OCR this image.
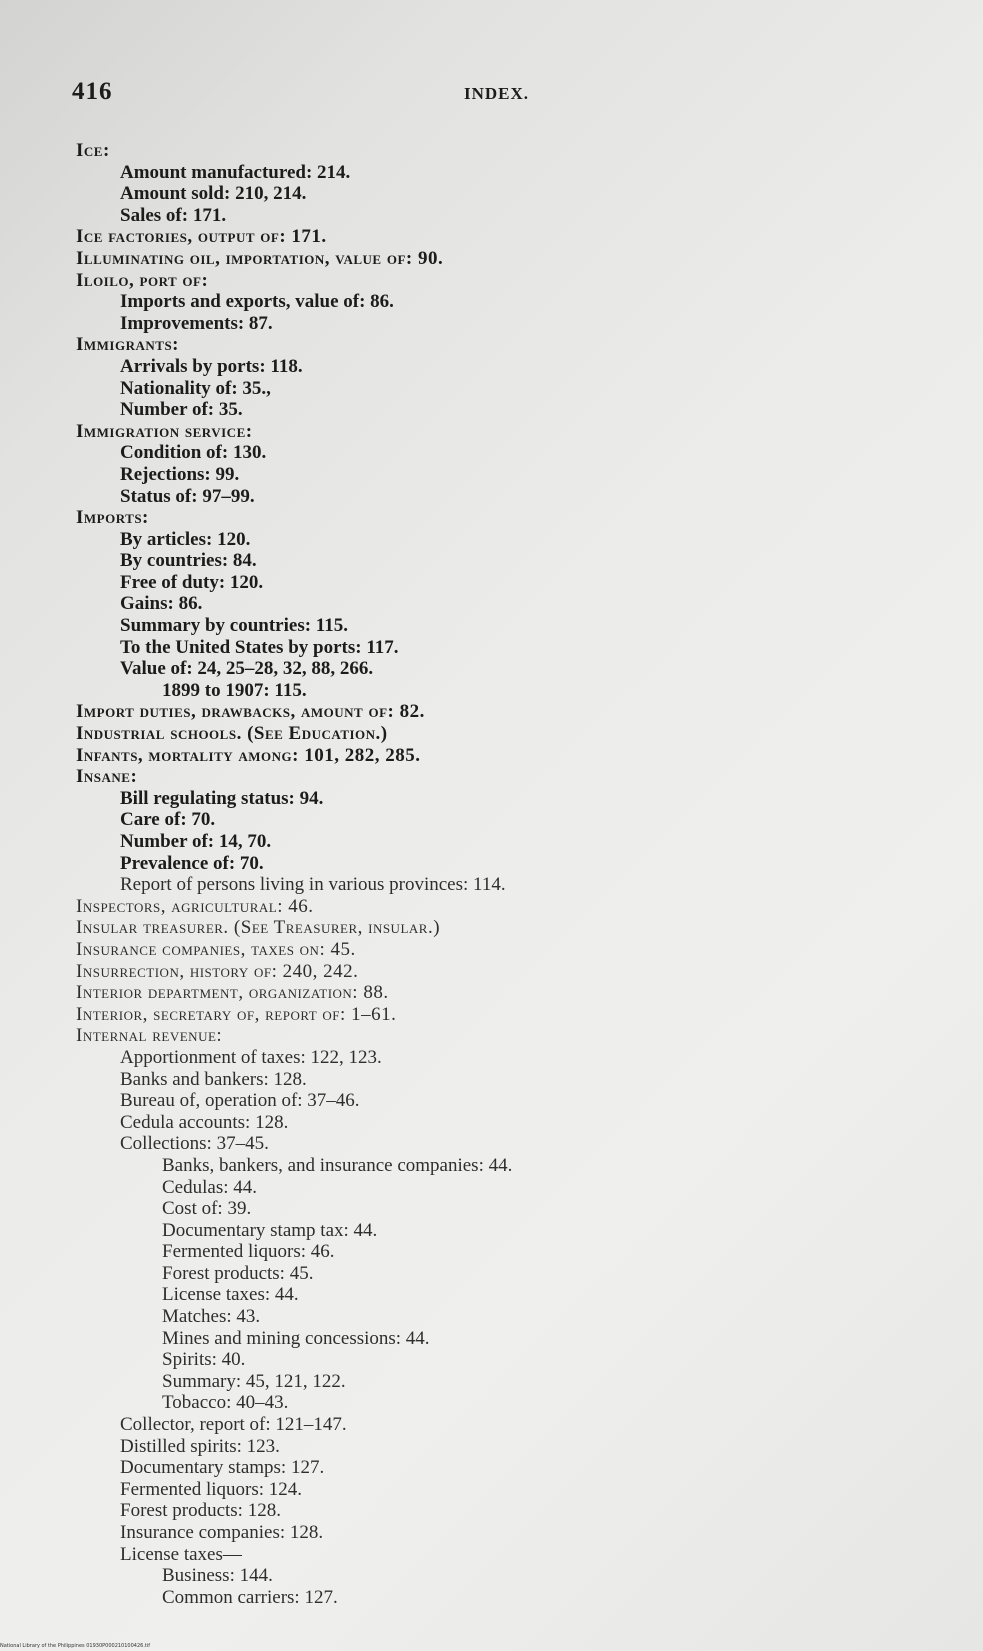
416	INDEX.
Ice:
Amount manufactured: 214.
Amount sold: 210, 214.
Sales of: 171.
Ice factories, output of: 171.
Illuminating oil, importation, value of: 90.
Iloilo, port of:
Imports and exports, value of: 86.
Improvements: 87.
Immigrants:
Arrivals by ports: 118.
Nationality of: 35.,
Number of: 35.
Immigration service:
Condition of: 130.
Rejections: 99.
Status of: 97–99.
Imports:
By articles: 120.
By countries: 84.
Free of duty: 120.
Gains: 86.
Summary by countries: 115.
To the United States by ports: 117.
Value of: 24, 25–28, 32, 88, 266.
1899 to 1907: 115.
Import duties, drawbacks, amount of: 82.
Industrial schools. (See Education.)
Infants, mortality among: 101, 282, 285.
Insane:
Bill regulating status: 94.
Care of: 70.
Number of: 14, 70.
Prevalence of: 70.
Report of persons living in various provinces: 114.
Inspectors, agricultural: 46.
Insular treasurer. (See Treasurer, insular.)
Insurance companies, taxes on: 45.
Insurrection, history of: 240, 242.
Interior department, organization: 88.
Interior, secretary of, report of: 1–61.
Internal revenue:
Apportionment of taxes: 122, 123.
Banks and bankers: 128.
Bureau of, operation of: 37–46.
Cedula accounts: 128.
Collections: 37–45.
Banks, bankers, and insurance companies: 44.
Cedulas: 44.
Cost of: 39.
Documentary stamp tax: 44.
Fermented liquors: 46.
Forest products: 45.
License taxes: 44.
Matches: 43.
Mines and mining concessions: 44.
Spirits: 40.
Summary: 45, 121, 122.
Tobacco: 40–43.
Collector, report of: 121–147.
Distilled spirits: 123.
Documentary stamps: 127.
Fermented liquors: 124.
Forest products: 128.
Insurance companies: 128.
License taxes—
Business: 144.
Common carriers: 127.
National Library of the Philippines 01930P000210100426.tif
